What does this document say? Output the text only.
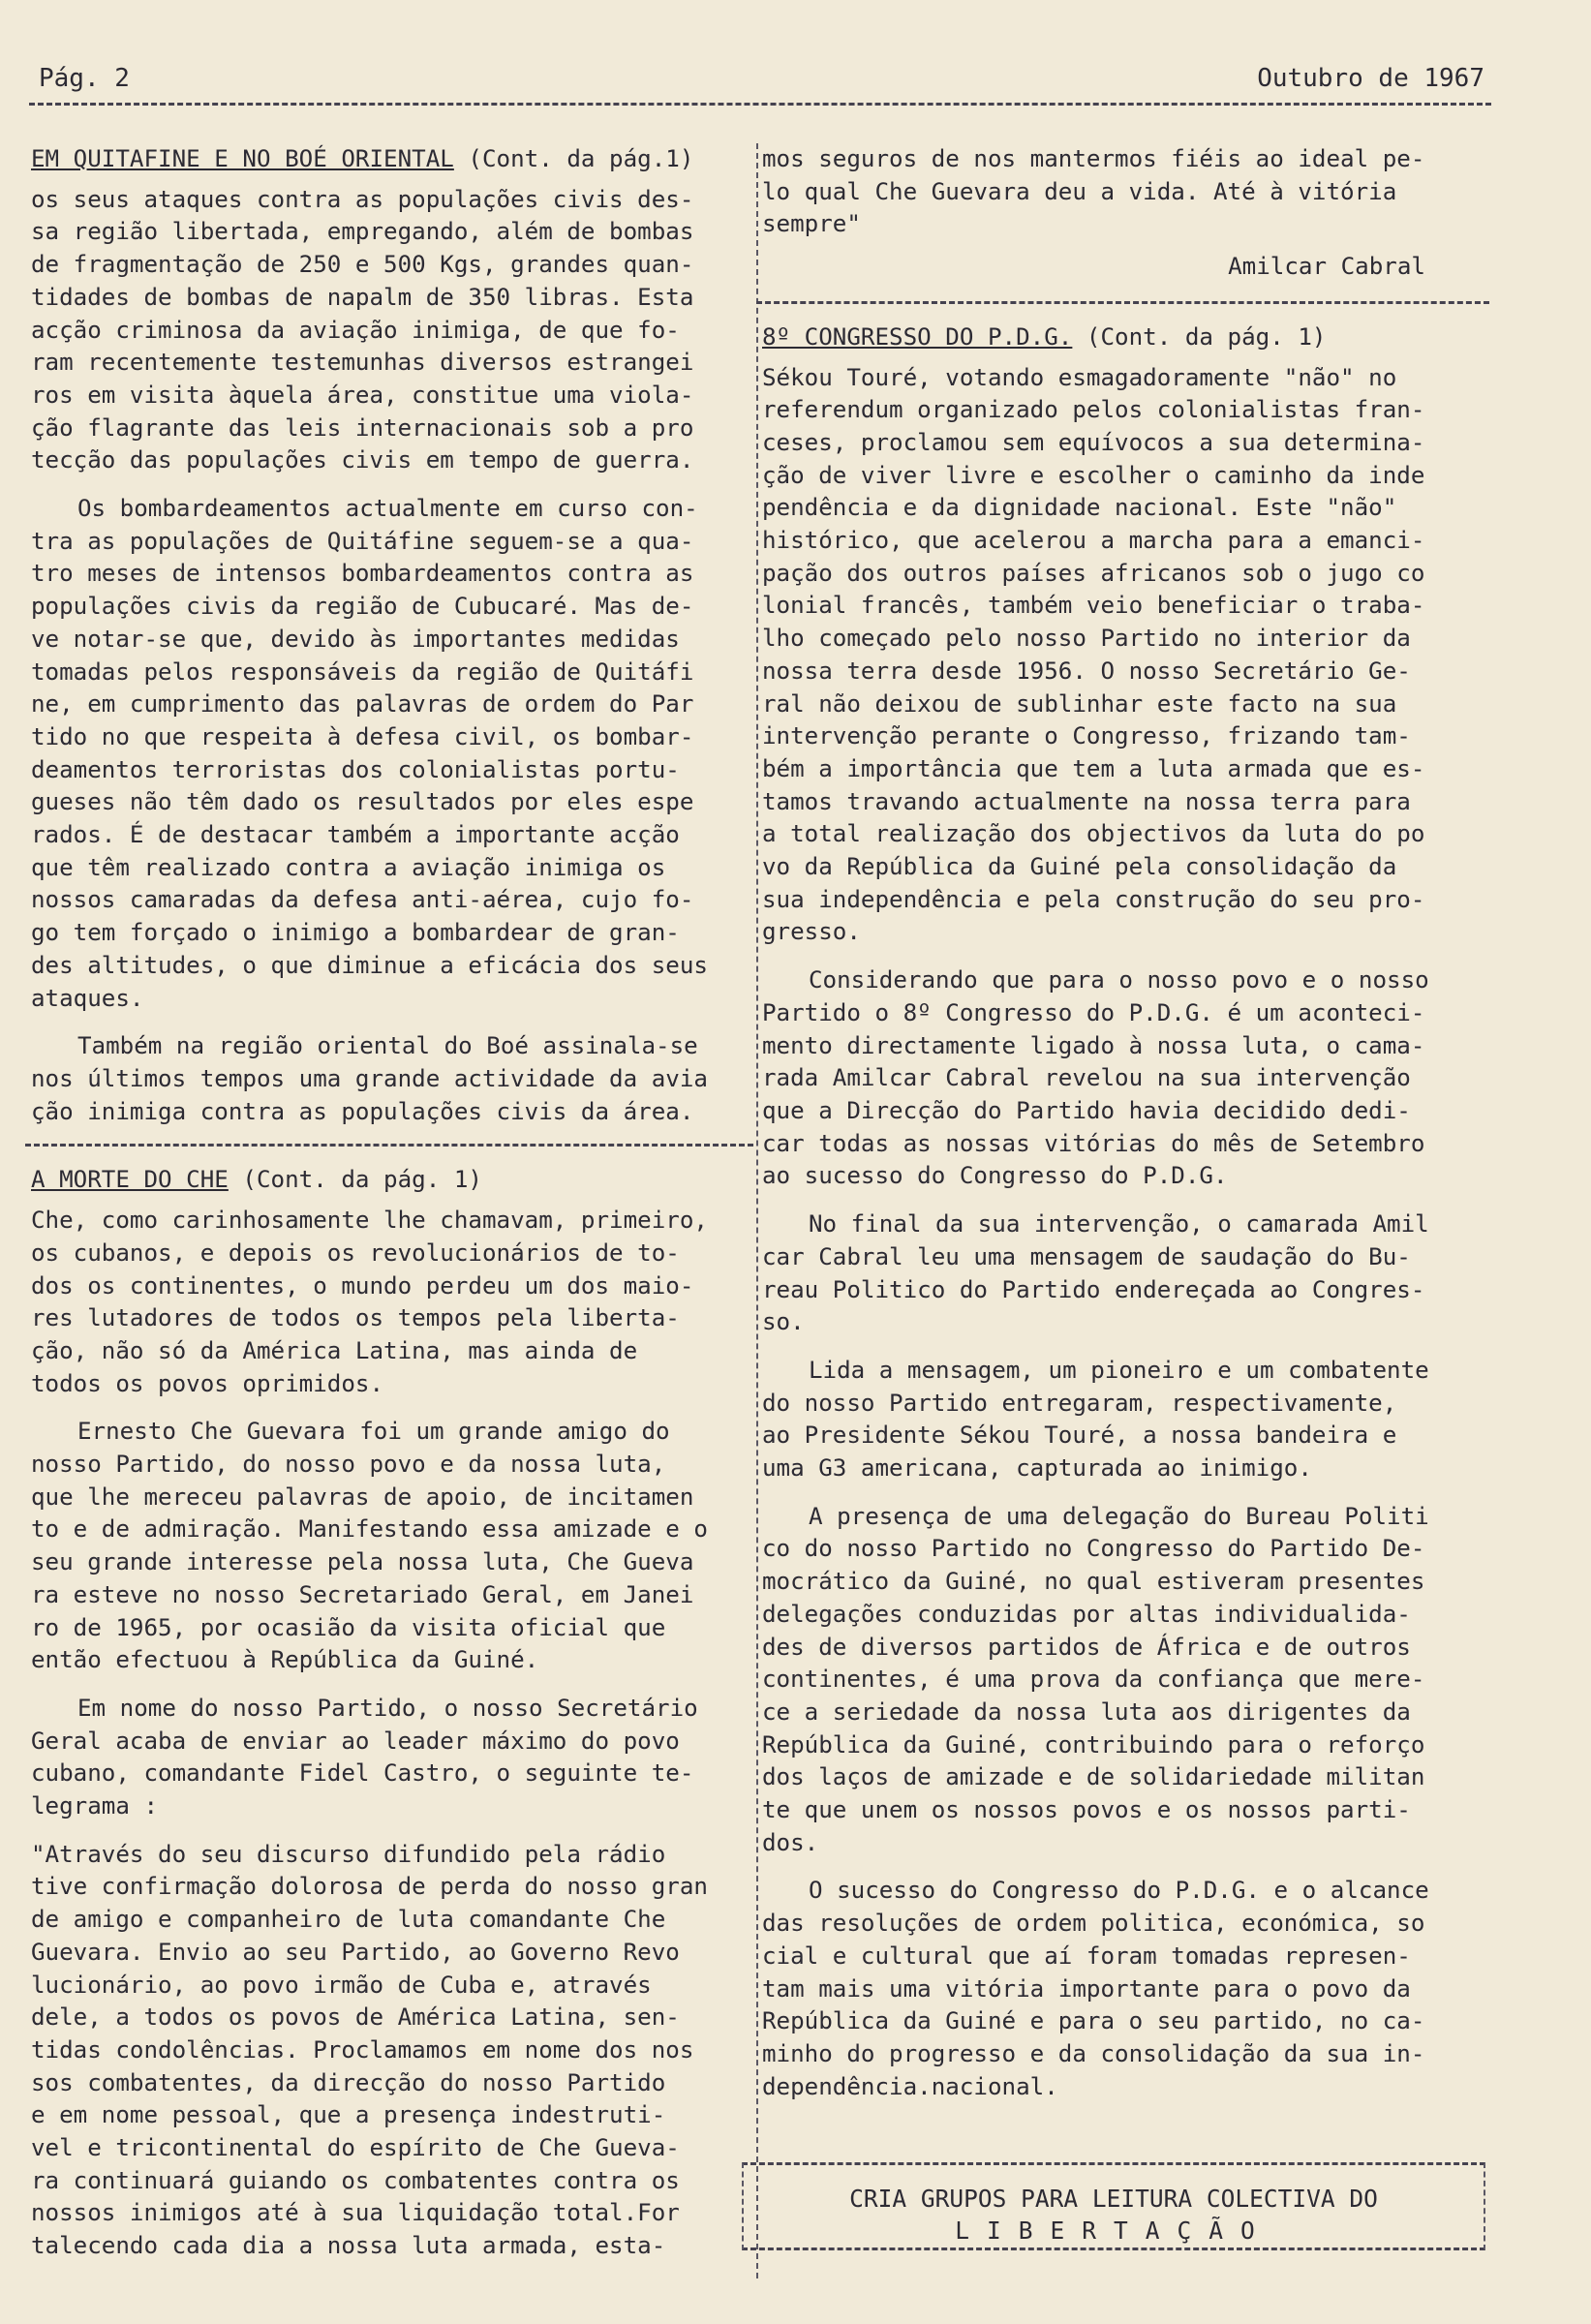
Pág. 2	Outubro de 1967
EM QUITAFINE E NO BOÉ ORIENTAL (Cont. da pág.1)

os seus ataques contra as populações civis des-
sa região libertada, empregando, além de bombas
de fragmentação de 250 e 500 Kgs, grandes quan-
tidades de bombas de napalm de 350 libras. Esta
acção criminosa da aviação inimiga, de que fo-
ram recentemente testemunhas diversos estrangei
ros em visita àquela área, constitue uma viola-
ção flagrante das leis internacionais sob a pro
tecção das populações civis em tempo de guerra.

Os bombardeamentos actualmente em curso con-
tra as populações de Quitáfine seguem-se a qua-
tro meses de intensos bombardeamentos contra as
populações civis da região de Cubucaré. Mas de-
ve notar-se que, devido às importantes medidas
tomadas pelos responsáveis da região de Quitáfi
ne, em cumprimento das palavras de ordem do Par
tido no que respeita à defesa civil, os bombar-
deamentos terroristas dos colonialistas portu-
gueses não têm dado os resultados por eles espe
rados. É de destacar também a importante acção
que têm realizado contra a aviação inimiga os
nossos camaradas da defesa anti-aérea, cujo fo-
go tem forçado o inimigo a bombardear de gran-
des altitudes, o que diminue a eficácia dos seus
ataques.

Também na região oriental do Boé assinala-se
nos últimos tempos uma grande actividade da avia
ção inimiga contra as populações civis da área.

A MORTE DO CHE (Cont. da pág. 1)

Che, como carinhosamente lhe chamavam, primeiro,
os cubanos, e depois os revolucionários de to-
dos os continentes, o mundo perdeu um dos maio-
res lutadores de todos os tempos pela liberta-
ção, não só da América Latina, mas ainda de
todos os povos oprimidos.

Ernesto Che Guevara foi um grande amigo do
nosso Partido, do nosso povo e da nossa luta,
que lhe mereceu palavras de apoio, de incitamen
to e de admiração. Manifestando essa amizade e o
seu grande interesse pela nossa luta, Che Gueva
ra esteve no nosso Secretariado Geral, em Janei
ro de 1965, por ocasião da visita oficial que
então efectuou à República da Guiné.

Em nome do nosso Partido, o nosso Secretário
Geral acaba de enviar ao leader máximo do povo
cubano, comandante Fidel Castro, o seguinte te-
legrama :

"Através do seu discurso difundido pela rádio
tive confirmação dolorosa de perda do nosso gran
de amigo e companheiro de luta comandante Che
Guevara. Envio ao seu Partido, ao Governo Revo
lucionário, ao povo irmão de Cuba e, através
dele, a todos os povos de América Latina, sen-
tidas condolências. Proclamamos em nome dos nos
sos combatentes, da direcção do nosso Partido
e em nome pessoal, que a presença indestruti-
vel e tricontinental do espírito de Che Gueva-
ra continuará guiando os combatentes contra os
nossos inimigos até à sua liquidação total.For
talecendo cada dia a nossa luta armada, esta-

mos seguros de nos mantermos fiéis ao ideal pe-
lo qual Che Guevara deu a vida. Até à vitória
sempre"

Amilcar Cabral
8º CONGRESSO DO P.D.G. (Cont. da pág. 1)

Sékou Touré, votando esmagadoramente "não" no
referendum organizado pelos colonialistas fran-
ceses, proclamou sem equívocos a sua determina-
ção de viver livre e escolher o caminho da inde
pendência e da dignidade nacional. Este "não"
histórico, que acelerou a marcha para a emanci-
pação dos outros países africanos sob o jugo co
lonial francês, também veio beneficiar o traba-
lho começado pelo nosso Partido no interior da
nossa terra desde 1956. O nosso Secretário Ge-
ral não deixou de sublinhar este facto na sua
intervenção perante o Congresso, frizando tam-
bém a importância que tem a luta armada que es-
tamos travando actualmente na nossa terra para
a total realização dos objectivos da luta do po
vo da República da Guiné pela consolidação da
sua independência e pela construção do seu pro-
gresso.

Considerando que para o nosso povo e o nosso
Partido o 8º Congresso do P.D.G. é um aconteci-
mento directamente ligado à nossa luta, o cama-
rada Amilcar Cabral revelou na sua intervenção
que a Direcção do Partido havia decidido dedi-
car todas as nossas vitórias do mês de Setembro
ao sucesso do Congresso do P.D.G.

No final da sua intervenção, o camarada Amil
car Cabral leu uma mensagem de saudação do Bu-
reau Politico do Partido endereçada ao Congres-
so.

Lida a mensagem, um pioneiro e um combatente
do nosso Partido entregaram, respectivamente,
ao Presidente Sékou Touré, a nossa bandeira e
uma G3 americana, capturada ao inimigo.

A presença de uma delegação do Bureau Politi
co do nosso Partido no Congresso do Partido De-
mocrático da Guiné, no qual estiveram presentes
delegações conduzidas por altas individualida-
des de diversos partidos de África e de outros
continentes, é uma prova da confiança que mere-
ce a seriedade da nossa luta aos dirigentes da
República da Guiné, contribuindo para o reforço
dos laços de amizade e de solidariedade militan
te que unem os nossos povos e os nossos parti-
dos.

O sucesso do Congresso do P.D.G. e o alcance
das resoluções de ordem politica, económica, so
cial e cultural que aí foram tomadas represen-
tam mais uma vitória importante para o povo da
República da Guiné e para o seu partido, no ca-
minho do progresso e da consolidação da sua in-
dependência.nacional.

CRIA GRUPOS PARA LEITURA COLECTIVA DO
LIBERTAÇÃO
